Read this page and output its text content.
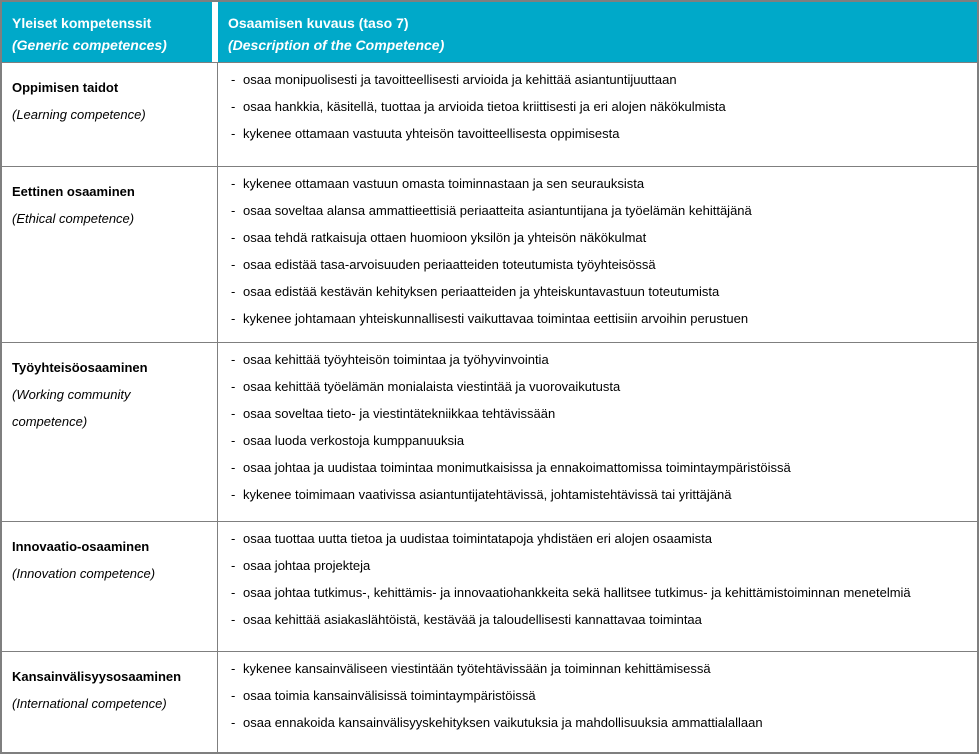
Yleiset kompetenssit
(Generic competences)
Osaamisen kuvaus (taso 7)
(Description of the Competence)
Oppimisen taidot
(Learning competence)
- osaa monipuolisesti ja tavoitteellisesti arvioida ja kehittää asiantuntijuuttaan
- osaa hankkia, käsitellä, tuottaa ja arvioida tietoa kriittisesti ja eri alojen näkökulmista
- kykenee ottamaan vastuuta yhteisön tavoitteellisesta oppimisesta
Eettinen osaaminen
(Ethical competence)
- kykenee ottamaan vastuun omasta toiminnastaan ja sen seurauksista
- osaa soveltaa alansa ammattieettisiä periaatteita asiantuntijana ja työelämän kehittäjänä
- osaa tehdä ratkaisuja ottaen huomioon yksilön ja yhteisön näkökulmat
- osaa edistää tasa-arvoisuuden periaatteiden toteutumista työyhteisössä
- osaa edistää kestävän kehityksen periaatteiden ja yhteiskuntavastuun toteutumista
- kykenee johtamaan yhteiskunnallisesti vaikuttavaa toimintaa eettisiin arvoihin perustuen
Työyhteisöosaaminen
(Working community competence)
- osaa kehittää työyhteisön toimintaa ja työhyvinvointia
- osaa kehittää työelämän monialaista viestintää ja vuorovaikutusta
- osaa soveltaa tieto- ja viestintätekniikkaa tehtävissään
- osaa luoda verkostoja kumppanuuksia
- osaa johtaa ja uudistaa toimintaa monimutkaisissa ja ennakoimattomissa toimintaympäristöissä
- kykenee toimimaan vaativissa asiantuntijatehtävissä, johtamistehtävissä tai yrittäjänä
Innovaatio-osaaminen
(Innovation competence)
- osaa tuottaa uutta tietoa ja uudistaa toimintatapoja yhdistäen eri alojen osaamista
- osaa johtaa projekteja
- osaa johtaa tutkimus-, kehittämis- ja innovaatiohankkeita sekä hallitsee tutkimus- ja kehittämistoiminnan menetelmiä
- osaa kehittää asiakaslähtöistä, kestävää ja taloudellisesti kannattavaa toimintaa
Kansainvälisyysosaaminen
(International competence)
- kykenee kansainväliseen viestintään työtehtävissään ja toiminnan kehittämisessä
- osaa toimia kansainvälisissä toimintaympäristöissä
- osaa ennakoida kansainvälisyyskehityksen vaikutuksia ja mahdollisuuksia ammattialallaan
